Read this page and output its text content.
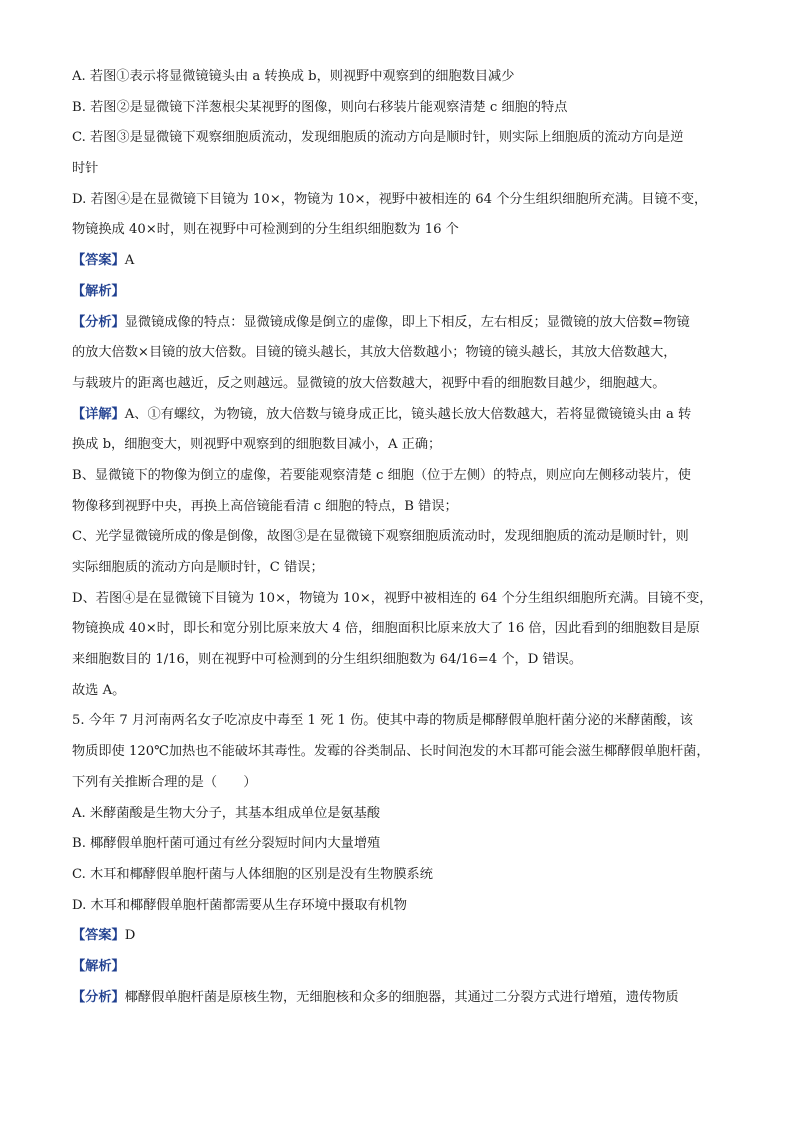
A. 若图①表示将显微镜镜头由 a 转换成 b，则视野中观察到的细胞数目减少
B. 若图②是显微镜下洋葱根尖某视野的图像，则向右移装片能观察清楚 c 细胞的特点
C. 若图③是显微镜下观察细胞质流动，发现细胞质的流动方向是顺时针，则实际上细胞质的流动方向是逆
时针
D. 若图④是在显微镜下目镜为 10×，物镜为 10×，视野中被相连的 64 个分生组织细胞所充满。目镜不变，
物镜换成 40×时，则在视野中可检测到的分生组织细胞数为 16 个
【答案】A
【解析】
【分析】显微镜成像的特点：显微镜成像是倒立的虚像，即上下相反，左右相反；显微镜的放大倍数=物镜
的放大倍数×目镜的放大倍数。目镜的镜头越长，其放大倍数越小；物镜的镜头越长，其放大倍数越大，
与载玻片的距离也越近，反之则越远。显微镜的放大倍数越大，视野中看的细胞数目越少，细胞越大。
【详解】A、①有螺纹，为物镜，放大倍数与镜身成正比，镜头越长放大倍数越大，若将显微镜镜头由 a 转
换成 b，细胞变大，则视野中观察到的细胞数目减小，A 正确；
B、显微镜下的物像为倒立的虚像，若要能观察清楚 c 细胞（位于左侧）的特点，则应向左侧移动装片，使
物像移到视野中央，再换上高倍镜能看清 c 细胞的特点，B 错误；
C、光学显微镜所成的像是倒像，故图③是在显微镜下观察细胞质流动时，发现细胞质的流动是顺时针，则
实际细胞质的流动方向是顺时针，C 错误；
D、若图④是在显微镜下目镜为 10×，物镜为 10×，视野中被相连的 64 个分生组织细胞所充满。目镜不变，
物镜换成 40×时，即长和宽分别比原来放大 4 倍，细胞面积比原来放大了 16 倍，因此看到的细胞数目是原
来细胞数目的 1/16，则在视野中可检测到的分生组织细胞数为 64/16=4 个，D 错误。
故选 A。
5. 今年 7 月河南两名女子吃凉皮中毒至 1 死 1 伤。使其中毒的物质是椰酵假单胞杆菌分泌的米酵菌酸，该
物质即使 120℃加热也不能破坏其毒性。发霉的谷类制品、长时间泡发的木耳都可能会滋生椰酵假单胞杆菌，
下列有关推断合理的是（　　）
A. 米酵菌酸是生物大分子，其基本组成单位是氨基酸
B. 椰酵假单胞杆菌可通过有丝分裂短时间内大量增殖
C. 木耳和椰酵假单胞杆菌与人体细胞的区别是没有生物膜系统
D. 木耳和椰酵假单胞杆菌都需要从生存环境中摄取有机物
【答案】D
【解析】
【分析】椰酵假单胞杆菌是原核生物，无细胞核和众多的细胞器，其通过二分裂方式进行增殖，遗传物质
